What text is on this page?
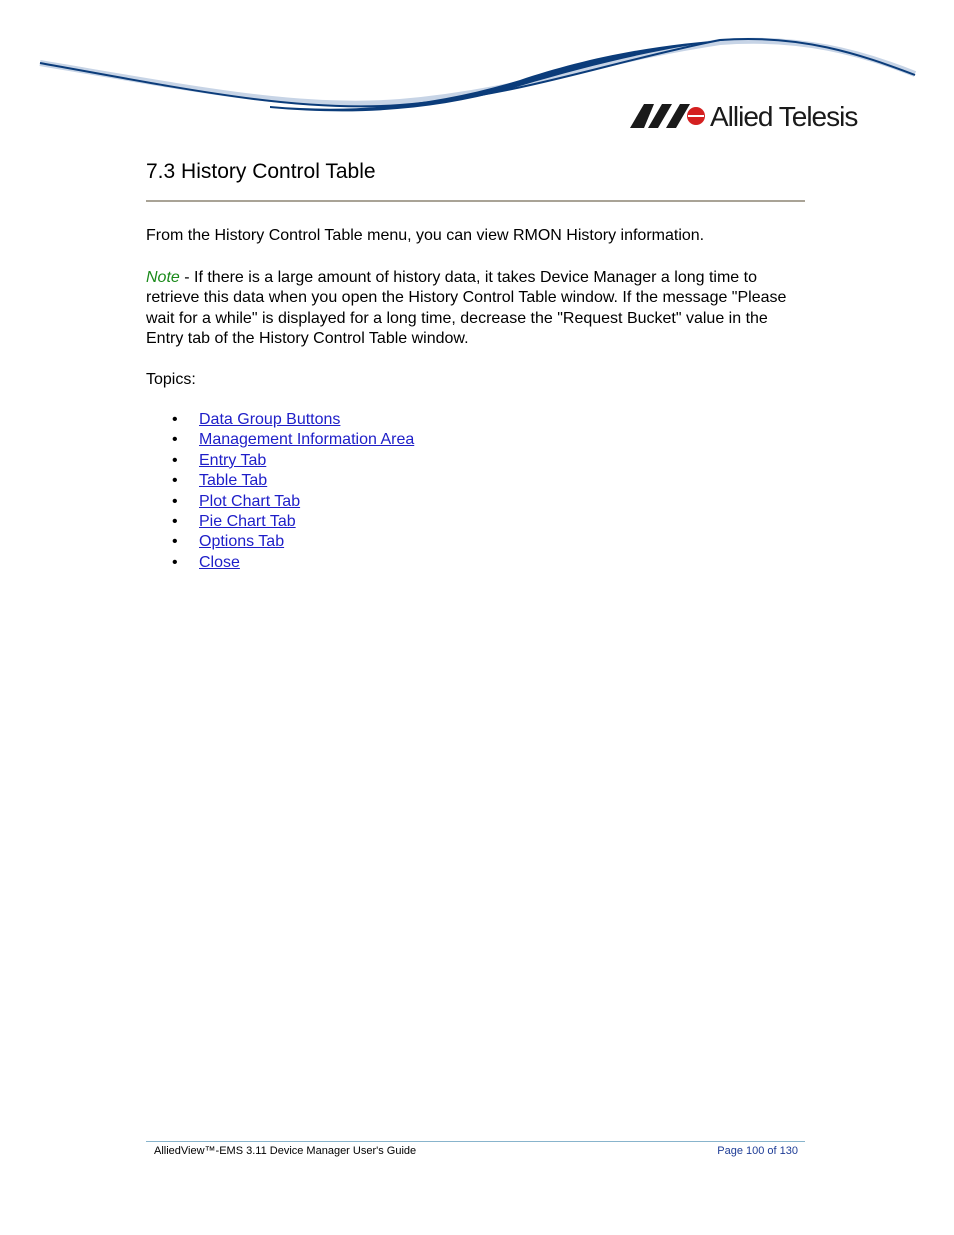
Allied Telesis
7.3 History Control Table

From the History Control Table menu, you can view RMON History information.

Note - If there is a large amount of history data, it takes Device Manager a long time to retrieve this data when you open the History Control Table window. If the message "Please wait for a while" is displayed for a long time, decrease the "Request Bucket" value in the Entry tab of the History Control Table window.

Topics:

• Data Group Buttons
• Management Information Area
• Entry Tab
• Table Tab
• Plot Chart Tab
• Pie Chart Tab
• Options Tab
• Close
AlliedView™-EMS 3.11 Device Manager User's Guide	Page 100 of 130
